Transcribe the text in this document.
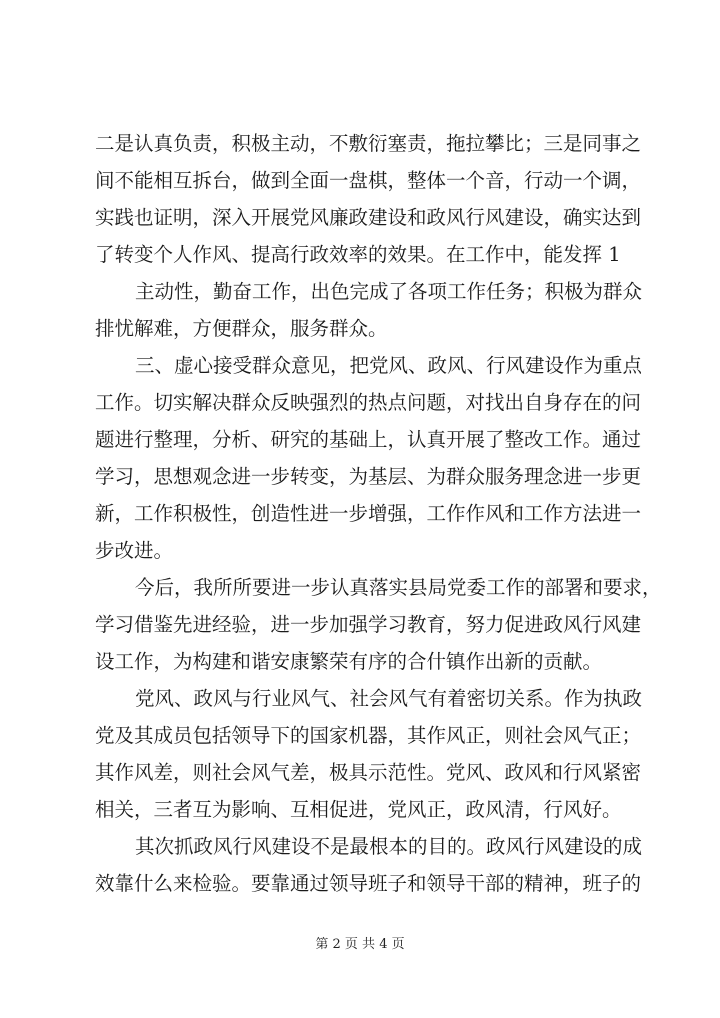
二是认真负责，积极主动，不敷衍塞责，拖拉攀比；三是同事之
间不能相互拆台，做到全面一盘棋，整体一个音，行动一个调，
实践也证明，深入开展党风廉政建设和政风行风建设，确实达到
了转变个人作风、提高行政效率的效果。在工作中，能发挥 1
主动性，勤奋工作，出色完成了各项工作任务；积极为群众
排忧解难，方便群众，服务群众。
三、虚心接受群众意见，把党风、政风、行风建设作为重点
工作。切实解决群众反映强烈的热点问题，对找出自身存在的问
题进行整理，分析、研究的基础上，认真开展了整改工作。通过
学习，思想观念进一步转变，为基层、为群众服务理念进一步更
新，工作积极性，创造性进一步增强，工作作风和工作方法进一
步改进。
今后，我所所要进一步认真落实县局党委工作的部署和要求，
学习借鉴先进经验，进一步加强学习教育，努力促进政风行风建
设工作，为构建和谐安康繁荣有序的合什镇作出新的贡献。
党风、政风与行业风气、社会风气有着密切关系。作为执政
党及其成员包括领导下的国家机器，其作风正，则社会风气正；
其作风差，则社会风气差，极具示范性。党风、政风和行风紧密
相关，三者互为影响、互相促进，党风正，政风清，行风好。
其次抓政风行风建设不是最根本的目的。政风行风建设的成
效靠什么来检验。要靠通过领导班子和领导干部的精神，班子的
第 2 页 共 4 页
